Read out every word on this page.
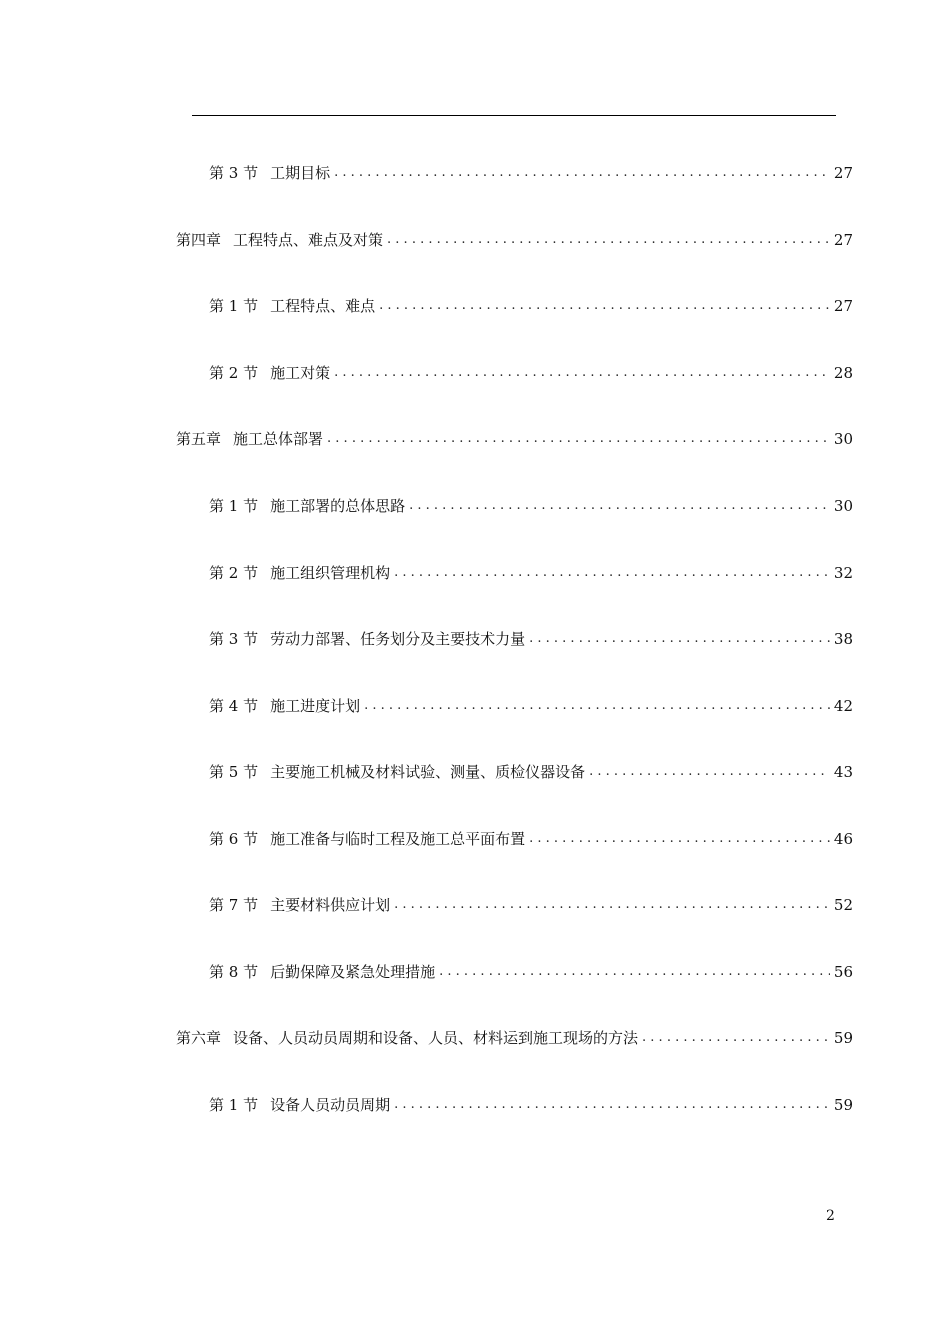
第 3 节 工期目标 . . .	27
第四章 工程特点、难点及对策 . . .	27
第 1 节 工程特点、难点 . . .	27
第 2 节 施工对策 . . .	28
第五章 施工总体部署 . . .	30
第 1 节 施工部署的总体思路 . . .	30
第 2 节 施工组织管理机构 . . .	32
第 3 节 劳动力部署、任务划分及主要技术力量 . . .	38
第 4 节 施工进度计划 . . .	42
第 5 节 主要施工机械及材料试验、测量、质检仪器设备 . . .	43
第 6 节 施工准备与临时工程及施工总平面布置 . . .	46
第 7 节 主要材料供应计划 . . .	52
第 8 节 后勤保障及紧急处理措施 . . .	56
第六章 设备、人员动员周期和设备、人员、材料运到施工现场的方法 . . .	59
第 1 节 设备人员动员周期 . . .	59
2
